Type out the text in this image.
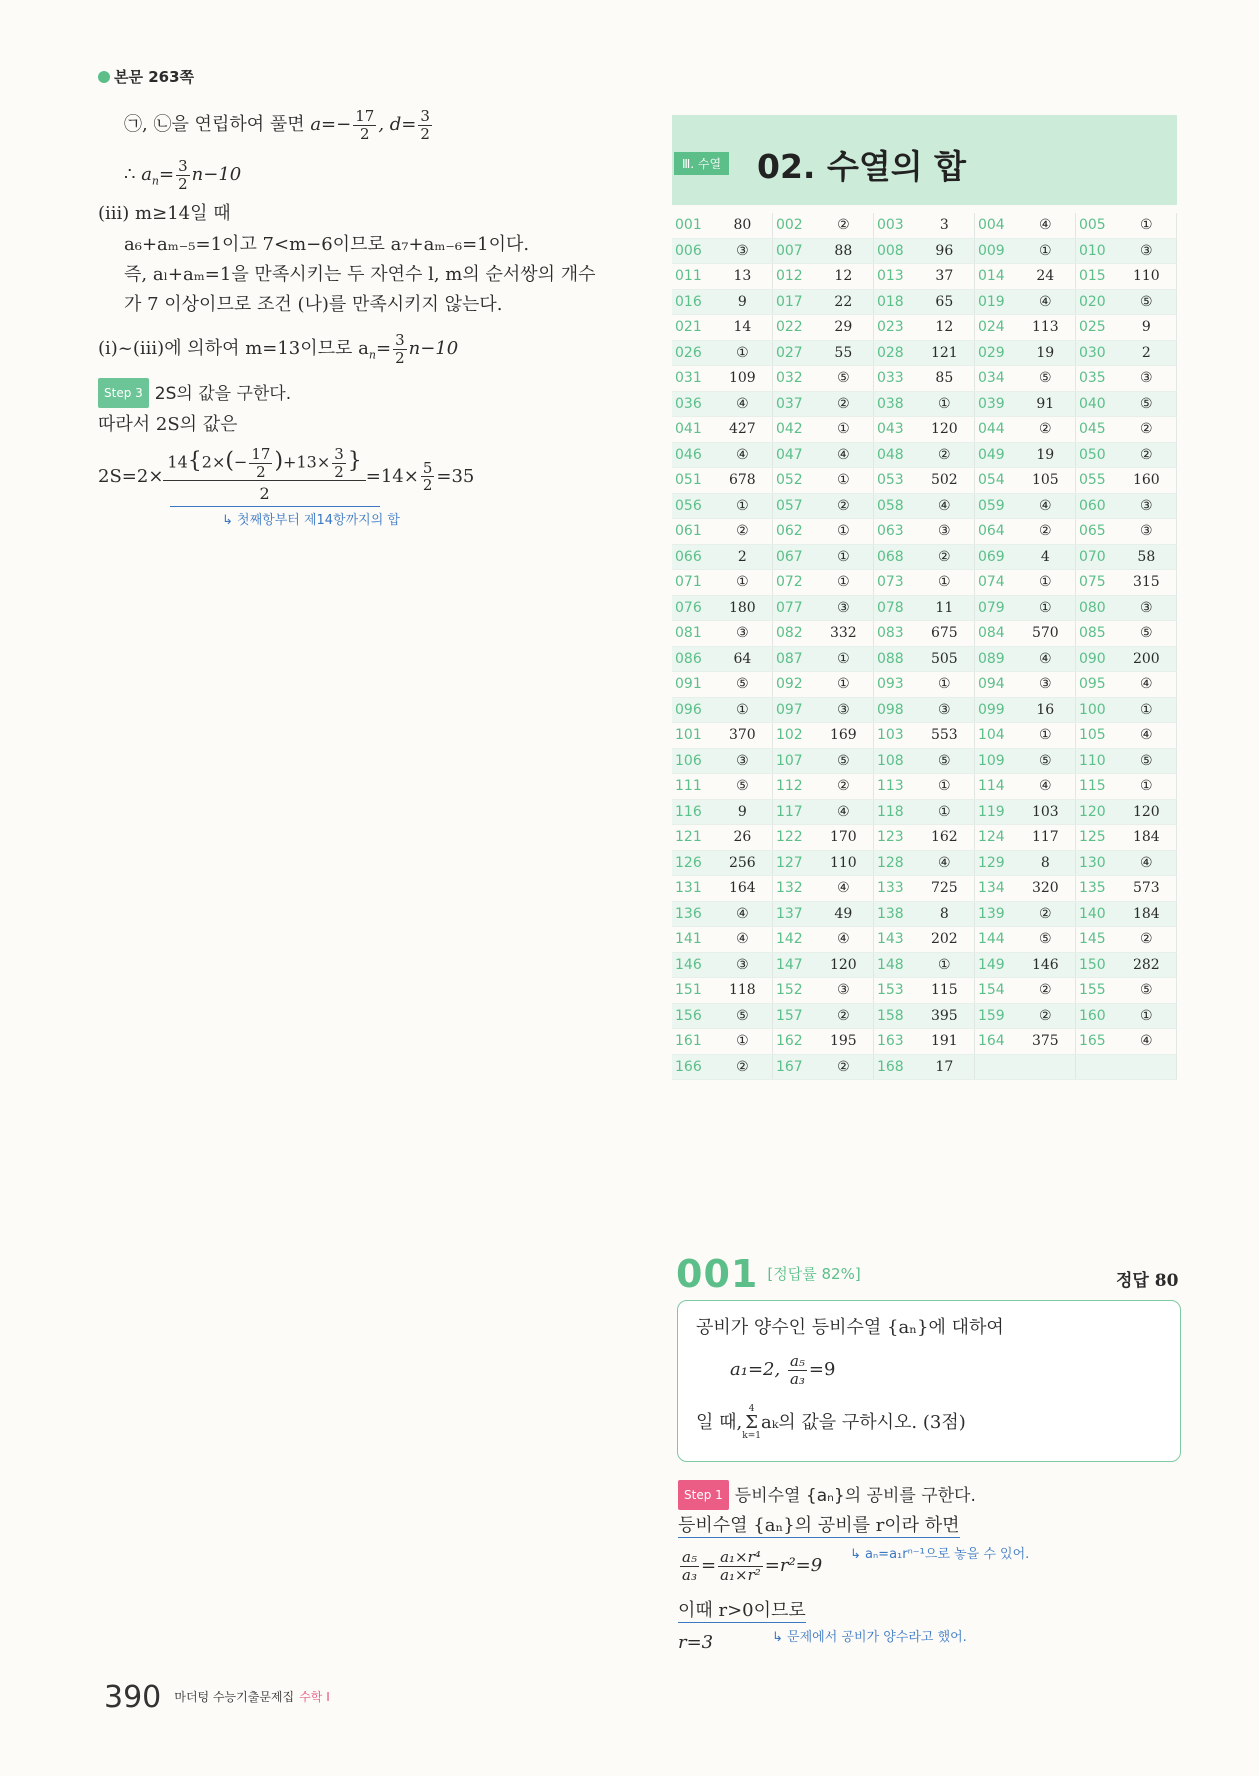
본문 263쪽
㉠, ㉡을 연립하여 풀면 $a=- \frac{17}{2}$ , $d= \frac{3}{2}$
∴ $a_n= \frac{3}{2} n-10$
(iii) m≥14일 때
a₆+aₘ₋₅=1이고 7<m−6이므로 a₇+aₘ₋₆=1이다.
즉, aₗ+aₘ=1을 만족시키는 두 자연수 l, m의 순서쌍의 개수
가 7 이상이므로 조건 (나)를 만족시키지 않는다.
(i)~(iii)에 의하여 m=13이므로 $a_n= \frac{3}{2} n-10$
Step 3 2S의 값을 구한다.
따라서 2S의 값은
$2S=2\times \frac{14\{2\times(- \frac{17}{2} )+13\times \frac{3}{2} \}}{2} =14\times \frac{5}{2} =35$
↳ 첫째항부터 제14항까지의 합
Ⅲ. 수열 02. 수열의 합
001	80	002	②	003	3	004	④	005	①
006	③	007	88	008	96	009	①	010	③
011	13	012	12	013	37	014	24	015	110
016	9	017	22	018	65	019	④	020	⑤
021	14	022	29	023	12	024	113	025	9
026	①	027	55	028	121	029	19	030	2
031	109	032	⑤	033	85	034	⑤	035	③
036	④	037	②	038	①	039	91	040	⑤
041	427	042	①	043	120	044	②	045	②
046	④	047	④	048	②	049	19	050	②
051	678	052	①	053	502	054	105	055	160
056	①	057	②	058	④	059	④	060	③
061	②	062	①	063	③	064	②	065	③
066	2	067	①	068	②	069	4	070	58
071	①	072	①	073	①	074	①	075	315
076	180	077	③	078	11	079	①	080	③
081	③	082	332	083	675	084	570	085	⑤
086	64	087	①	088	505	089	④	090	200
091	⑤	092	①	093	①	094	③	095	④
096	①	097	③	098	③	099	16	100	①
101	370	102	169	103	553	104	①	105	④
106	③	107	⑤	108	⑤	109	⑤	110	⑤
111	⑤	112	②	113	①	114	④	115	①
116	9	117	④	118	①	119	103	120	120
121	26	122	170	123	162	124	117	125	184
126	256	127	110	128	④	129	8	130	④
131	164	132	④	133	725	134	320	135	573
136	④	137	49	138	8	139	②	140	184
141	④	142	④	143	202	144	⑤	145	②
146	③	147	120	148	①	149	146	150	282
151	118	152	③	153	115	154	②	155	⑤
156	⑤	157	②	158	395	159	②	160	①
161	①	162	195	163	191	164	375	165	④
166	②	167	②	168	17				
001 [정답률 82%]	정답 80
공비가 양수인 등비수열 {aₙ}에 대하여
a₁=2, $\frac{\text{a₅}}{\text{a₃}} =9$
일 때,
4
Σ
k=1
aₖ의 값을 구하시오. (3점)
Step 1 등비수열 {aₙ}의 공비를 구한다.
등비수열 {aₙ}의 공비를 r이라 하면
↳ aₙ=a₁rⁿ⁻¹으로 놓을 수 있어.
$\frac{\text{a₅}}{\text{a₃}} = \frac{\text{a₁×r⁴}}{\text{a₁×r²}} =r^2=9$
이때 r>0이므로
↳ 문제에서 공비가 양수라고 했어.
r=3
390 $^{마더텅 수능기출문제집}$ $^{수학 I}$
